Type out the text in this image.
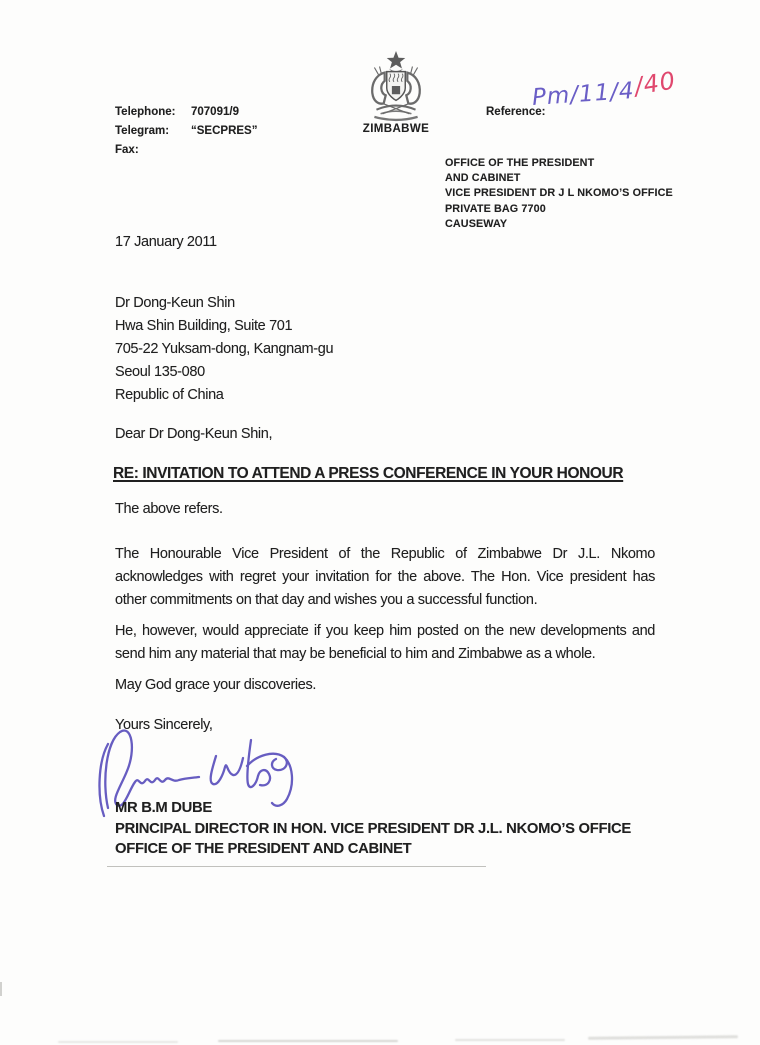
Telephone:	707091/9
Telegram:	“SECPRES”
Fax:
ZIMBABWE
Reference:
Pm/11/4/40
OFFICE OF THE PRESIDENT
AND CABINET
VICE PRESIDENT DR J L NKOMO’S OFFICE
PRIVATE BAG 7700
CAUSEWAY
17 January 2011
Dr Dong-Keun Shin
Hwa Shin Building, Suite 701
705-22 Yuksam-dong, Kangnam-gu
Seoul 135-080
Republic of China
Dear Dr Dong-Keun Shin,
RE: INVITATION TO ATTEND A PRESS CONFERENCE IN YOUR HONOUR
The above refers.
The Honourable Vice President of the Republic of Zimbabwe Dr J.L. Nkomo acknowledges with regret your invitation for the above. The Hon. Vice president has other commitments on that day and wishes you a successful function.
He, however, would appreciate if you keep him posted on the new developments and send him any material that may be beneficial to him and Zimbabwe as a whole.
May God grace your discoveries.
Yours Sincerely,
MR B.M DUBE
PRINCIPAL DIRECTOR IN HON. VICE PRESIDENT DR J.L. NKOMO’S OFFICE
OFFICE OF THE PRESIDENT AND CABINET
